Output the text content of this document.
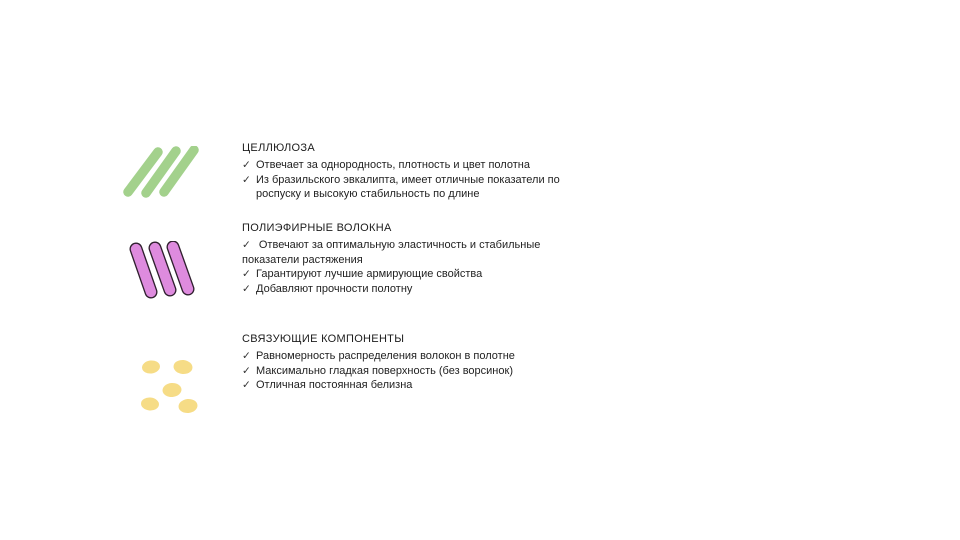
ЦЕЛЛЮЛОЗА
✓ Отвечает за однородность, плотность и цвет полотна
✓ Из бразильского эвкалипта, имеет отличные показатели по роспуску и высокую стабильность по длине
ПОЛИЭФИРНЫЕ ВОЛОКНА
✓ Отвечают за оптимальную эластичность и стабильные показатели растяжения
✓ Гарантируют лучшие армирующие свойства
✓ Добавляют прочности полотну
СВЯЗУЮЩИЕ КОМПОНЕНТЫ
✓ Равномерность распределения волокон в полотне
✓ Максимально гладкая поверхность (без ворсинок)
✓ Отличная постоянная белизна
